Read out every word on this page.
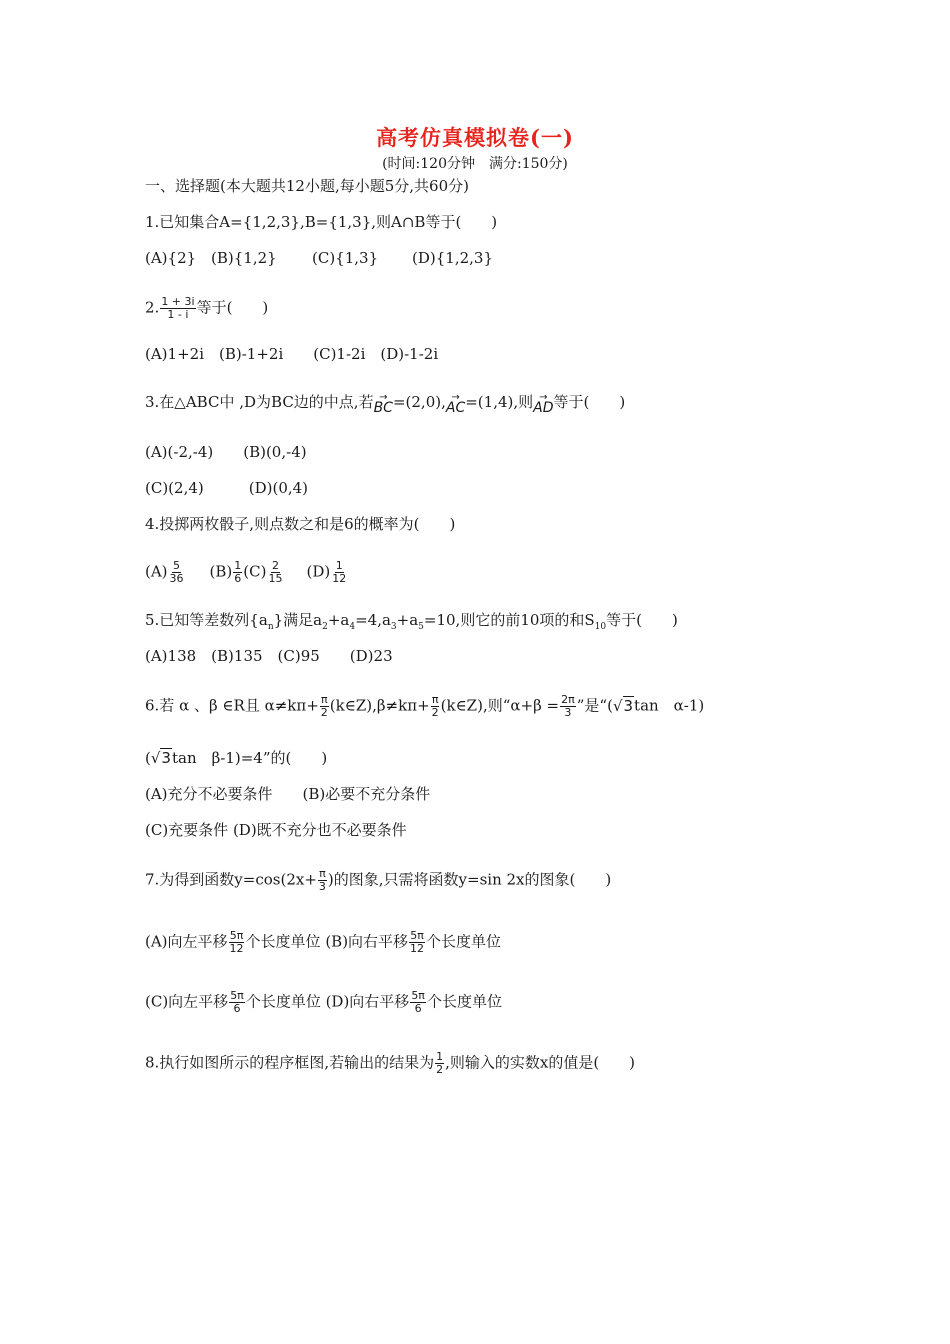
高考仿真模拟卷(一)
(时间:120分钟　满分:150分)
一、选择题(本大题共12小题,每小题5分,共60分)
1.已知集合A={1,2,3},B={1,3},则A∩B等于(　　)
(A){2} (B){1,2} (C){1,3} (D){1,2,3}
2. $\frac{1 + 3i}{1 - i}$ 等于(　　)
(A)1+2i　(B)-1+2i　　(C)1-2i　(D)-1-2i
3.在△ABC中 ,D为BC边的中点,若 →
BC =(2,0), →
AC =(1,4),则 →
AD 等于(　　)
(A)(-2,-4)　　(B)(0,-4)
(C)(2,4)　　　(D)(0,4)
4.投掷两枚骰子,则点数之和是6的概率为(　　)
$(A) \frac{5}{36} (B) \frac{1}{6} (C) \frac{2}{15} (D) \frac{1}{12}$
5.已知等差数列$\{a_n\}$满足$a_2+a_4=4,a_3+a_5=10$,则它的前10项的和$S_{10}$等于(　　)
(A)138　(B)135　(C)95　　(D)23
6.若 α 、β ∈R且 $\alpha\ne k\pi+ \frac{\pi}{2}$ (k∈Z),β≠kπ+ $\frac{\pi}{2}$ (k∈Z),则“$\alpha+\beta = \frac{2\pi}{3}$ ”是“(√3tan　α-1)
(√3tan　β-1)=4”的(　　)
(A)充分不必要条件　　(B)必要不充分条件
(C)充要条件 (D)既不充分也不必要条件
7.为得到函数$y=\cos(2x+ \frac{\pi}{3}$ )的图象,只需将函数y=sin 2x的图象(　　)
(A)向左平移 $\frac{5\pi}{12}$ 个长度单位 (B)向右平移 $\frac{5\pi}{12}$ 个长度单位
(C)向左平移 $\frac{5\pi}{6}$ 个长度单位 (D)向右平移 $\frac{5\pi}{6}$ 个长度单位
8.执行如图所示的程序框图,若输出的结果为 $\frac{1}{2}$ ,则输入的实数x的值是(　　)
